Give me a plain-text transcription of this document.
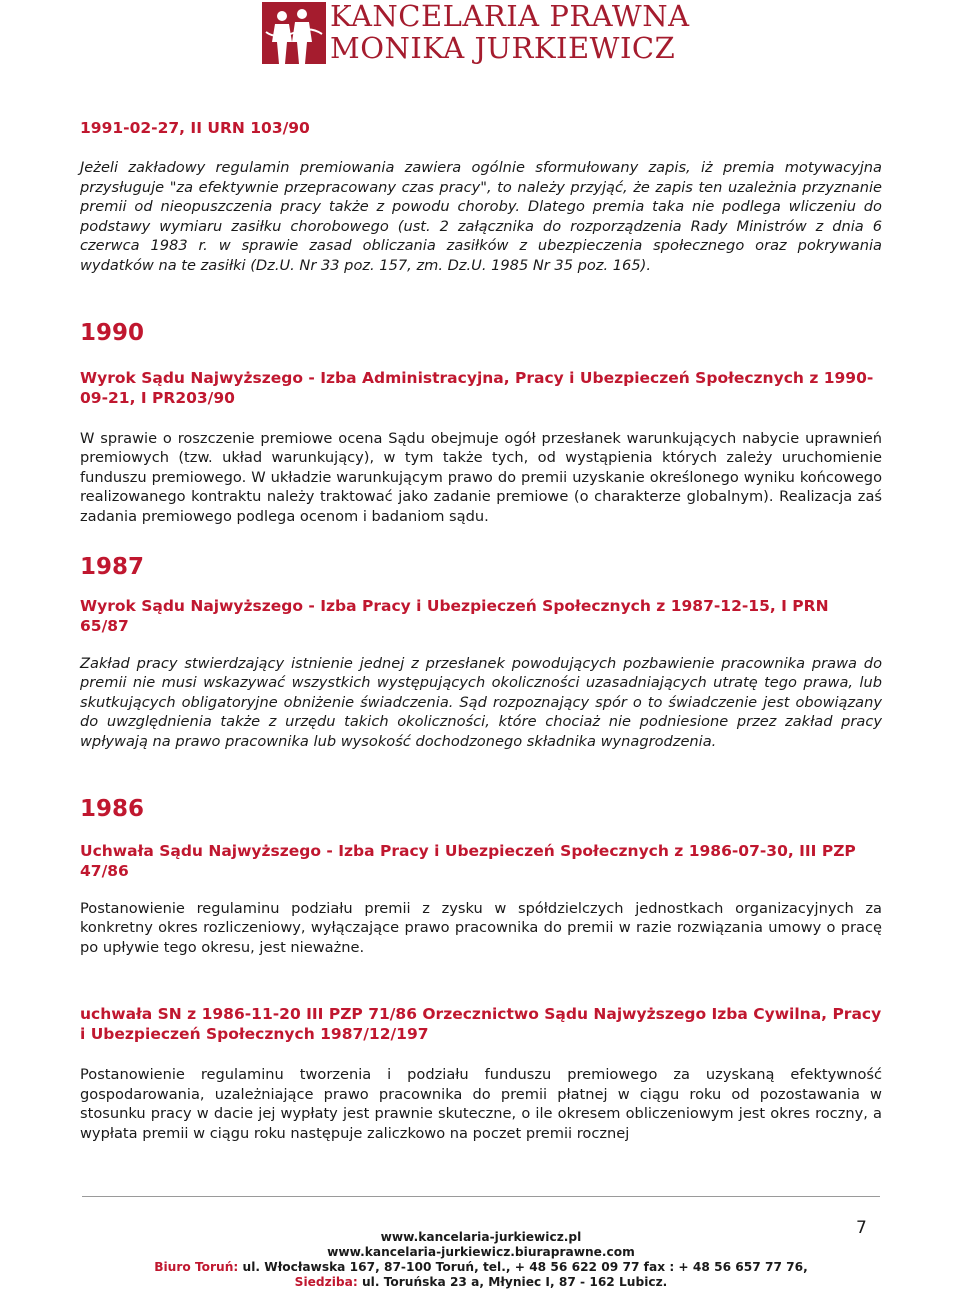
KANCELARIA PRAWNA
MONIKA JURKIEWICZ

1991-02-27, II URN 103/90

Jeżeli zakładowy regulamin premiowania zawiera ogólnie sformułowany zapis, iż premia motywacyjna przysługuje "za efektywnie przepracowany czas pracy", to należy przyjąć, że zapis ten uzależnia przyznanie premii od nieopuszczenia pracy także z powodu choroby. Dlatego premia taka nie podlega wliczeniu do podstawy wymiaru zasiłku chorobowego (ust. 2 załącznika do rozporządzenia Rady Ministrów z dnia 6 czerwca 1983 r. w sprawie zasad obliczania zasiłków z ubezpieczenia społecznego oraz pokrywania wydatków na te zasiłki (Dz.U. Nr 33 poz. 157, zm. Dz.U. 1985 Nr 35 poz. 165).

1990

Wyrok Sądu Najwyższego - Izba Administracyjna, Pracy i Ubezpieczeń Społecznych z 1990-09-21, I PR203/90

W sprawie o roszczenie premiowe ocena Sądu obejmuje ogół przesłanek warunkujących nabycie uprawnień premiowych (tzw. układ warunkujący), w tym także tych, od wystąpienia których zależy uruchomienie funduszu premiowego. W układzie warunkującym prawo do premii uzyskanie określonego wyniku końcowego realizowanego kontraktu należy traktować jako zadanie premiowe (o charakterze globalnym). Realizacja zaś zadania premiowego podlega ocenom i badaniom sądu.

1987

Wyrok Sądu Najwyższego - Izba Pracy i Ubezpieczeń Społecznych z 1987-12-15, I PRN 65/87

Zakład pracy stwierdzający istnienie jednej z przesłanek powodujących pozbawienie pracownika prawa do premii nie musi wskazywać wszystkich występujących okoliczności uzasadniających utratę tego prawa, lub skutkujących obligatoryjne obniżenie świadczenia. Sąd rozpoznający spór o to świadczenie jest obowiązany do uwzględnienia także z urzędu takich okoliczności, które chociaż nie podniesione przez zakład pracy wpływają na prawo pracownika lub wysokość dochodzonego składnika wynagrodzenia.

1986

Uchwała Sądu Najwyższego - Izba Pracy i Ubezpieczeń Społecznych z 1986-07-30, III PZP 47/86

Postanowienie regulaminu podziału premii z zysku w spółdzielczych jednostkach organizacyjnych za konkretny okres rozliczeniowy, wyłączające prawo pracownika do premii w razie rozwiązania umowy o pracę po upływie tego okresu, jest nieważne.

uchwała SN z 1986-11-20 III PZP 71/86 Orzecznictwo Sądu Najwyższego Izba Cywilna, Pracy i Ubezpieczeń Społecznych 1987/12/197

Postanowienie regulaminu tworzenia i podziału funduszu premiowego za uzyskaną efektywność gospodarowania, uzależniające prawo pracownika do premii płatnej w ciągu roku od pozostawania w stosunku pracy w dacie jej wypłaty jest prawnie skuteczne, o ile okresem obliczeniowym jest okres roczny, a wypłata premii w ciągu roku następuje zaliczkowo na poczet premii rocznej

7
www.kancelaria-jurkiewicz.pl
www.kancelaria-jurkiewicz.biuraprawne.com
Biuro Toruń: ul. Włocławska 167, 87-100 Toruń, tel., + 48 56 622 09 77 fax : + 48 56 657 77 76,
Siedziba: ul. Toruńska 23 a, Młyniec I, 87 - 162 Lubicz.
